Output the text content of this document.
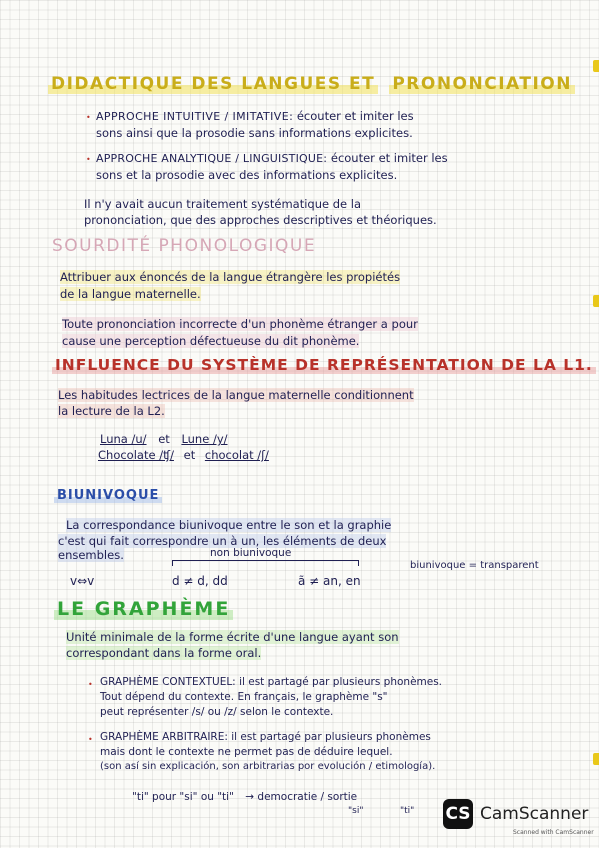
DIDACTIQUE DES LANGUES ET PRONONCIATION
• APPROCHE INTUITIVE / IMITATIVE: écouter et imiter les
sons ainsi que la prosodie sans informations explicites.
• APPROCHE ANALYTIQUE / LINGUISTIQUE: écouter et imiter les
sons et la prosodie avec des informations explicites.
Il n'y avait aucun traitement systématique de la
prononciation, que des approches descriptives et théoriques.
SOURDITÉ PHONOLOGIQUE
Attribuer aux énoncés de la langue étrangère les propiétés
de la langue maternelle.
Toute prononciation incorrecte d'un phonème étranger a pour
cause une perception défectueuse du dit phonème.
INFLUENCE DU SYSTÈME DE REPRÉSENTATION DE LA L1.
Les habitudes lectrices de la langue maternelle conditionnent
la lecture de la L2.
Luna /u/ et Lune /y/
Chocolate /ʧ/ et chocolat /ʃ/
BIUNIVOQUE
La correspondance biunivoque entre le son et la graphie
c'est qui fait correspondre un à un, les éléments de deux
ensembles.	non biunivoque
biunivoque = transparent
v⇔v	d ≠ d, dd	ã ≠ an, en
LE GRAPHÈME
Unité minimale de la forme écrite d'une langue ayant son
correspondant dans la forme oral.
• GRAPHÈME CONTEXTUEL: il est partagé par plusieurs phonèmes.
Tout dépend du contexte. En français, le graphème "s"
peut représenter /s/ ou /z/ selon le contexte.
• GRAPHÈME ARBITRAIRE: il est partagé par plusieurs phonèmes
mais dont le contexte ne permet pas de déduire lequel.
(son así sin explicación, son arbitrarias por evolución / etimología).
"ti" pour "si" ou "ti" → democratie / sortie
"si"	"ti" CS CamScanner
Scanned with CamScanner
